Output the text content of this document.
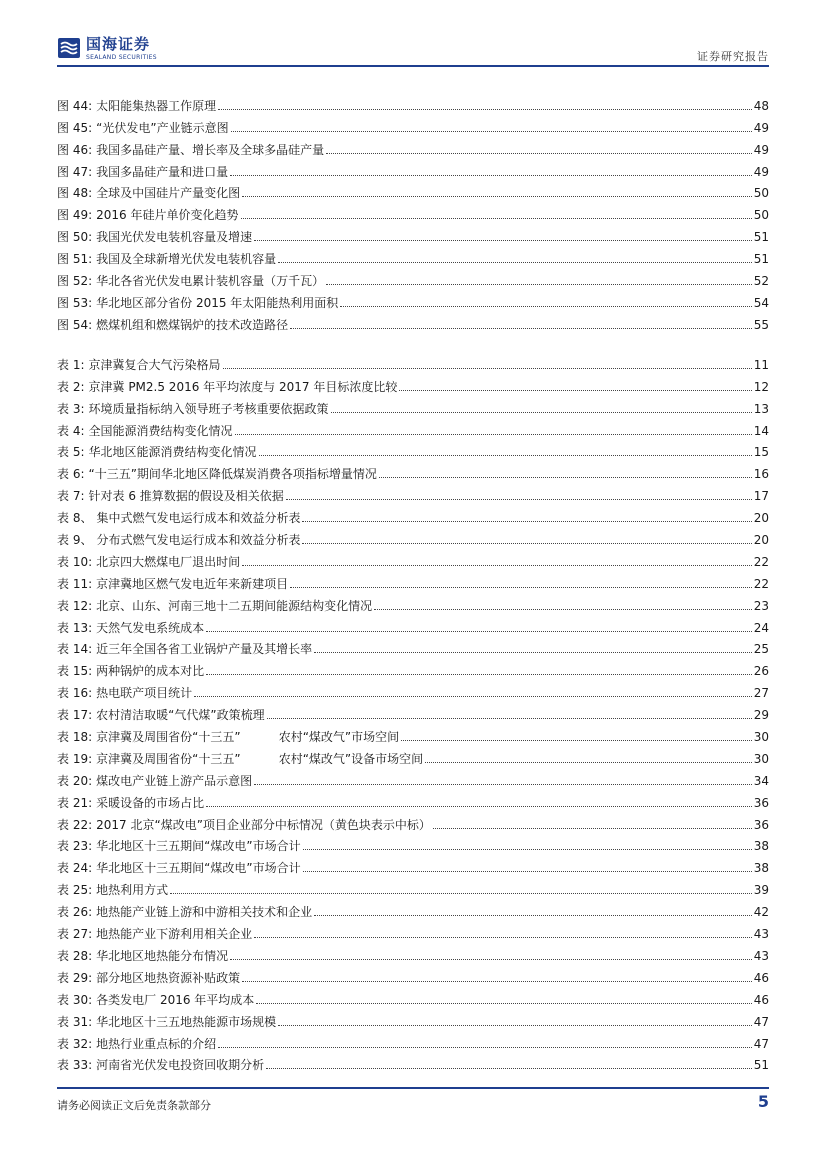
国海证券
SEALAND SECURITIES	证券研究报告
图 44: 太阳能集热器工作原理	48
图 45: “光伏发电”产业链示意图	49
图 46: 我国多晶硅产量、增长率及全球多晶硅产量	49
图 47: 我国多晶硅产量和进口量	49
图 48: 全球及中国硅片产量变化图	50
图 49: 2016 年硅片单价变化趋势	50
图 50: 我国光伏发电装机容量及增速	51
图 51: 我国及全球新增光伏发电装机容量	51
图 52: 华北各省光伏发电累计装机容量（万千瓦）	52
图 53: 华北地区部分省份 2015 年太阳能热利用面积	54
图 54: 燃煤机组和燃煤锅炉的技术改造路径	55
表 1: 京津冀复合大气污染格局	11
表 2: 京津冀 PM2.5 2016 年平均浓度与 2017 年目标浓度比较	12
表 3: 环境质量指标纳入领导班子考核重要依据政策	13
表 4: 全国能源消费结构变化情况	14
表 5: 华北地区能源消费结构变化情况	15
表 6: “十三五”期间华北地区降低煤炭消费各项指标增量情况	16
表 7: 针对表 6 推算数据的假设及相关依据	17
表 8、 集中式燃气发电运行成本和效益分析表	20
表 9、 分布式燃气发电运行成本和效益分析表	20
表 10: 北京四大燃煤电厂退出时间	22
表 11: 京津冀地区燃气发电近年来新建项目	22
表 12: 北京、山东、河南三地十二五期间能源结构变化情况	23
表 13: 天然气发电系统成本	24
表 14: 近三年全国各省工业锅炉产量及其增长率	25
表 15: 两种锅炉的成本对比	26
表 16: 热电联产项目统计	27
表 17: 农村清洁取暖“气代煤”政策梳理	29
表 18: 京津冀及周围省份“十三五”          农村“煤改气”市场空间	30
表 19: 京津冀及周围省份“十三五”          农村“煤改气”设备市场空间	30
表 20: 煤改电产业链上游产品示意图	34
表 21: 采暖设备的市场占比	36
表 22: 2017 北京“煤改电”项目企业部分中标情况（黄色块表示中标）	36
表 23: 华北地区十三五期间“煤改电”市场合计	38
表 24: 华北地区十三五期间“煤改电”市场合计	38
表 25: 地热利用方式	39
表 26: 地热能产业链上游和中游相关技术和企业	42
表 27: 地热能产业下游利用相关企业	43
表 28: 华北地区地热能分布情况	43
表 29: 部分地区地热资源补贴政策	46
表 30: 各类发电厂 2016 年平均成本	46
表 31: 华北地区十三五地热能源市场规模	47
表 32: 地热行业重点标的介绍	47
表 33: 河南省光伏发电投资回收期分析	51
请务必阅读正文后免责条款部分	5
